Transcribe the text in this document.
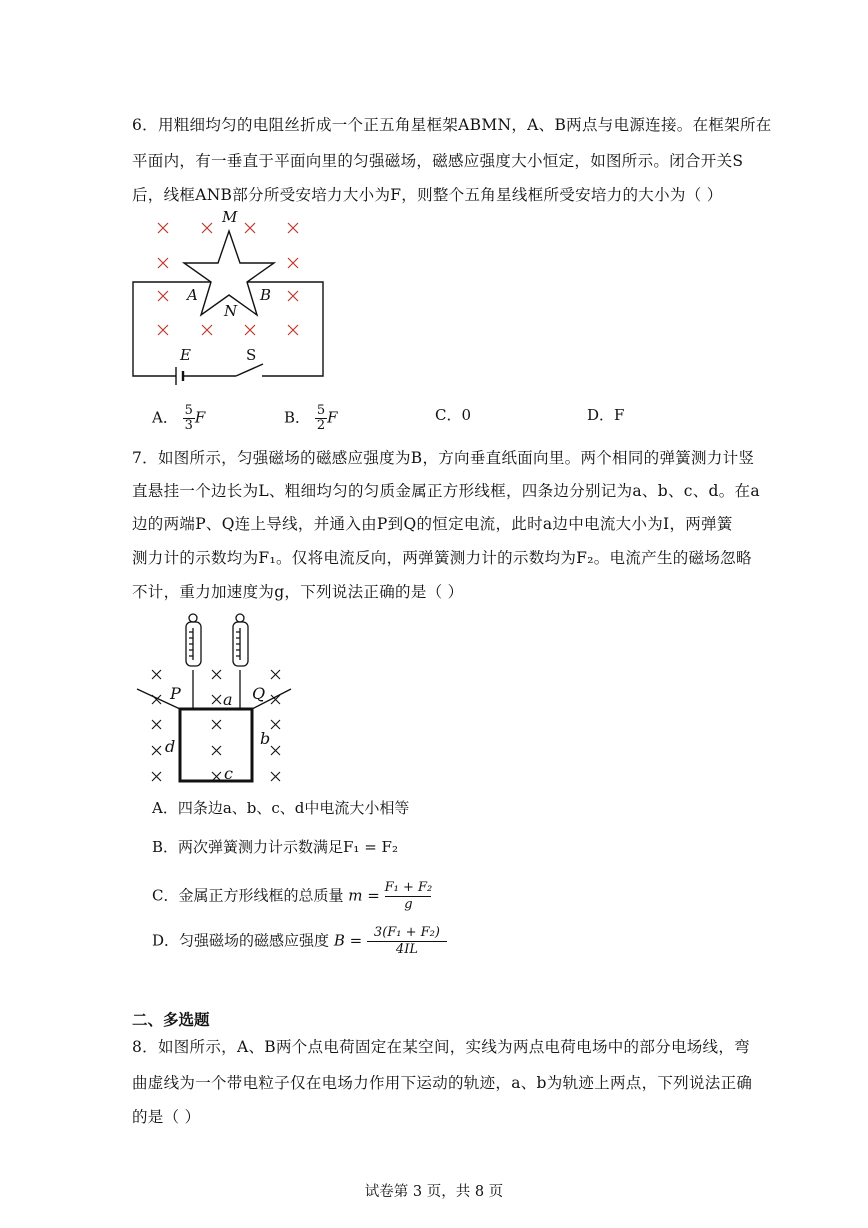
6．用粗细均匀的电阻丝折成一个正五角星框架ABMN，A、B两点与电源连接。在框架所在
平面内，有一垂直于平面向里的匀强磁场，磁感应强度大小恒定，如图所示。闭合开关S
后，线框ANB部分所受安培力大小为F，则整个五角星线框所受安培力的大小为（ ）
M
A	B
N
E	S
A． 5
3 F	B． 5
2 F	C．0	D．F
7．如图所示，匀强磁场的磁感应强度为B，方向垂直纸面向里。两个相同的弹簧测力计竖
直悬挂一个边长为L、粗细均匀的匀质金属正方形线框，四条边分别记为a、b、c、d。在a
边的两端P、Q连上导线，并通入由P到Q的恒定电流，此时a边中电流大小为I，两弹簧
测力计的示数均为F₁。仅将电流反向，两弹簧测力计的示数均为F₂。电流产生的磁场忽略
不计，重力加速度为g，下列说法正确的是（ ）
P	Q
a
b
c
d
A．四条边a、b、c、d中电流大小相等
B．两次弹簧测力计示数满足F₁ = F₂
C．金属正方形线框的总质量 $m = \frac{\text{F₁ + F₂}}{g}$
D．匀强磁场的磁感应强度 $B = \frac{\text{3(F₁ + F₂)}}{4IL}$
二、多选题
8．如图所示，A、B两个点电荷固定在某空间，实线为两点电荷电场中的部分电场线，弯
曲虚线为一个带电粒子仅在电场力作用下运动的轨迹，a、b为轨迹上两点，下列说法正确
的是（ ）
试卷第 3 页，共 8 页
